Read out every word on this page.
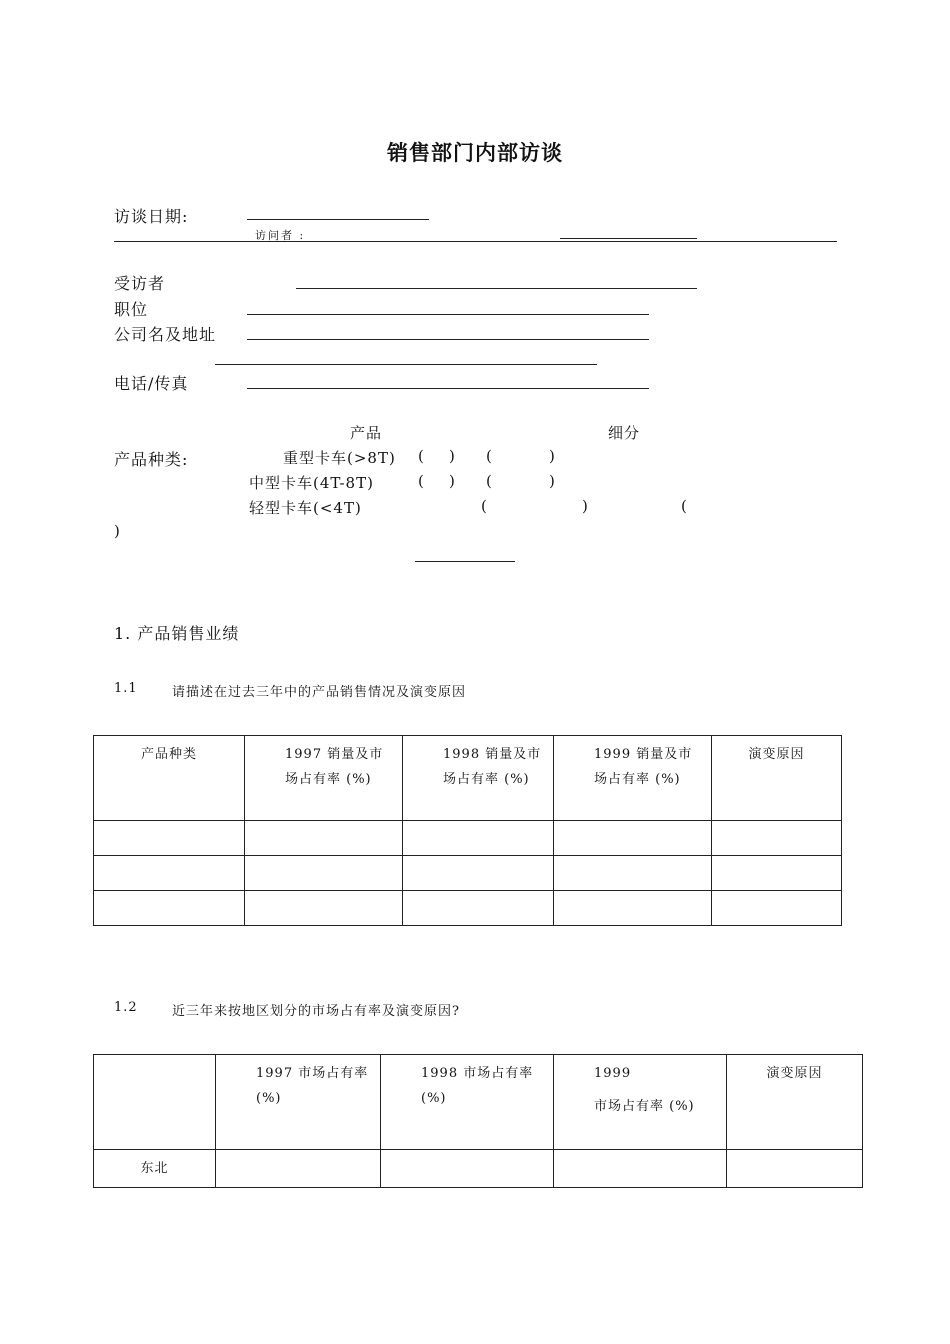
销售部门内部访谈
访谈日期:
访问者 :
受访者
职位
公司名及地址
电话/传真
产品	细分
产品种类:	重型卡车(>8T) ( ) (	)
中型卡车(4T-8T)	( ) (	)
轻型卡车(<4T)	(	)	(
)
1. 产品销售业绩
1.1	请描述在过去三年中的产品销售情况及演变原因
产品种类	1997 销量及市场占有率 (%)	1998 销量及市场占有率 (%)	1999 销量及市场占有率 (%)	演变原因

1.2	近三年来按地区划分的市场占有率及演变原因?
	1997 市场占有率 (%)	1998 市场占有率 (%)	1999
市场占有率 (%)	演变原因
东北				
